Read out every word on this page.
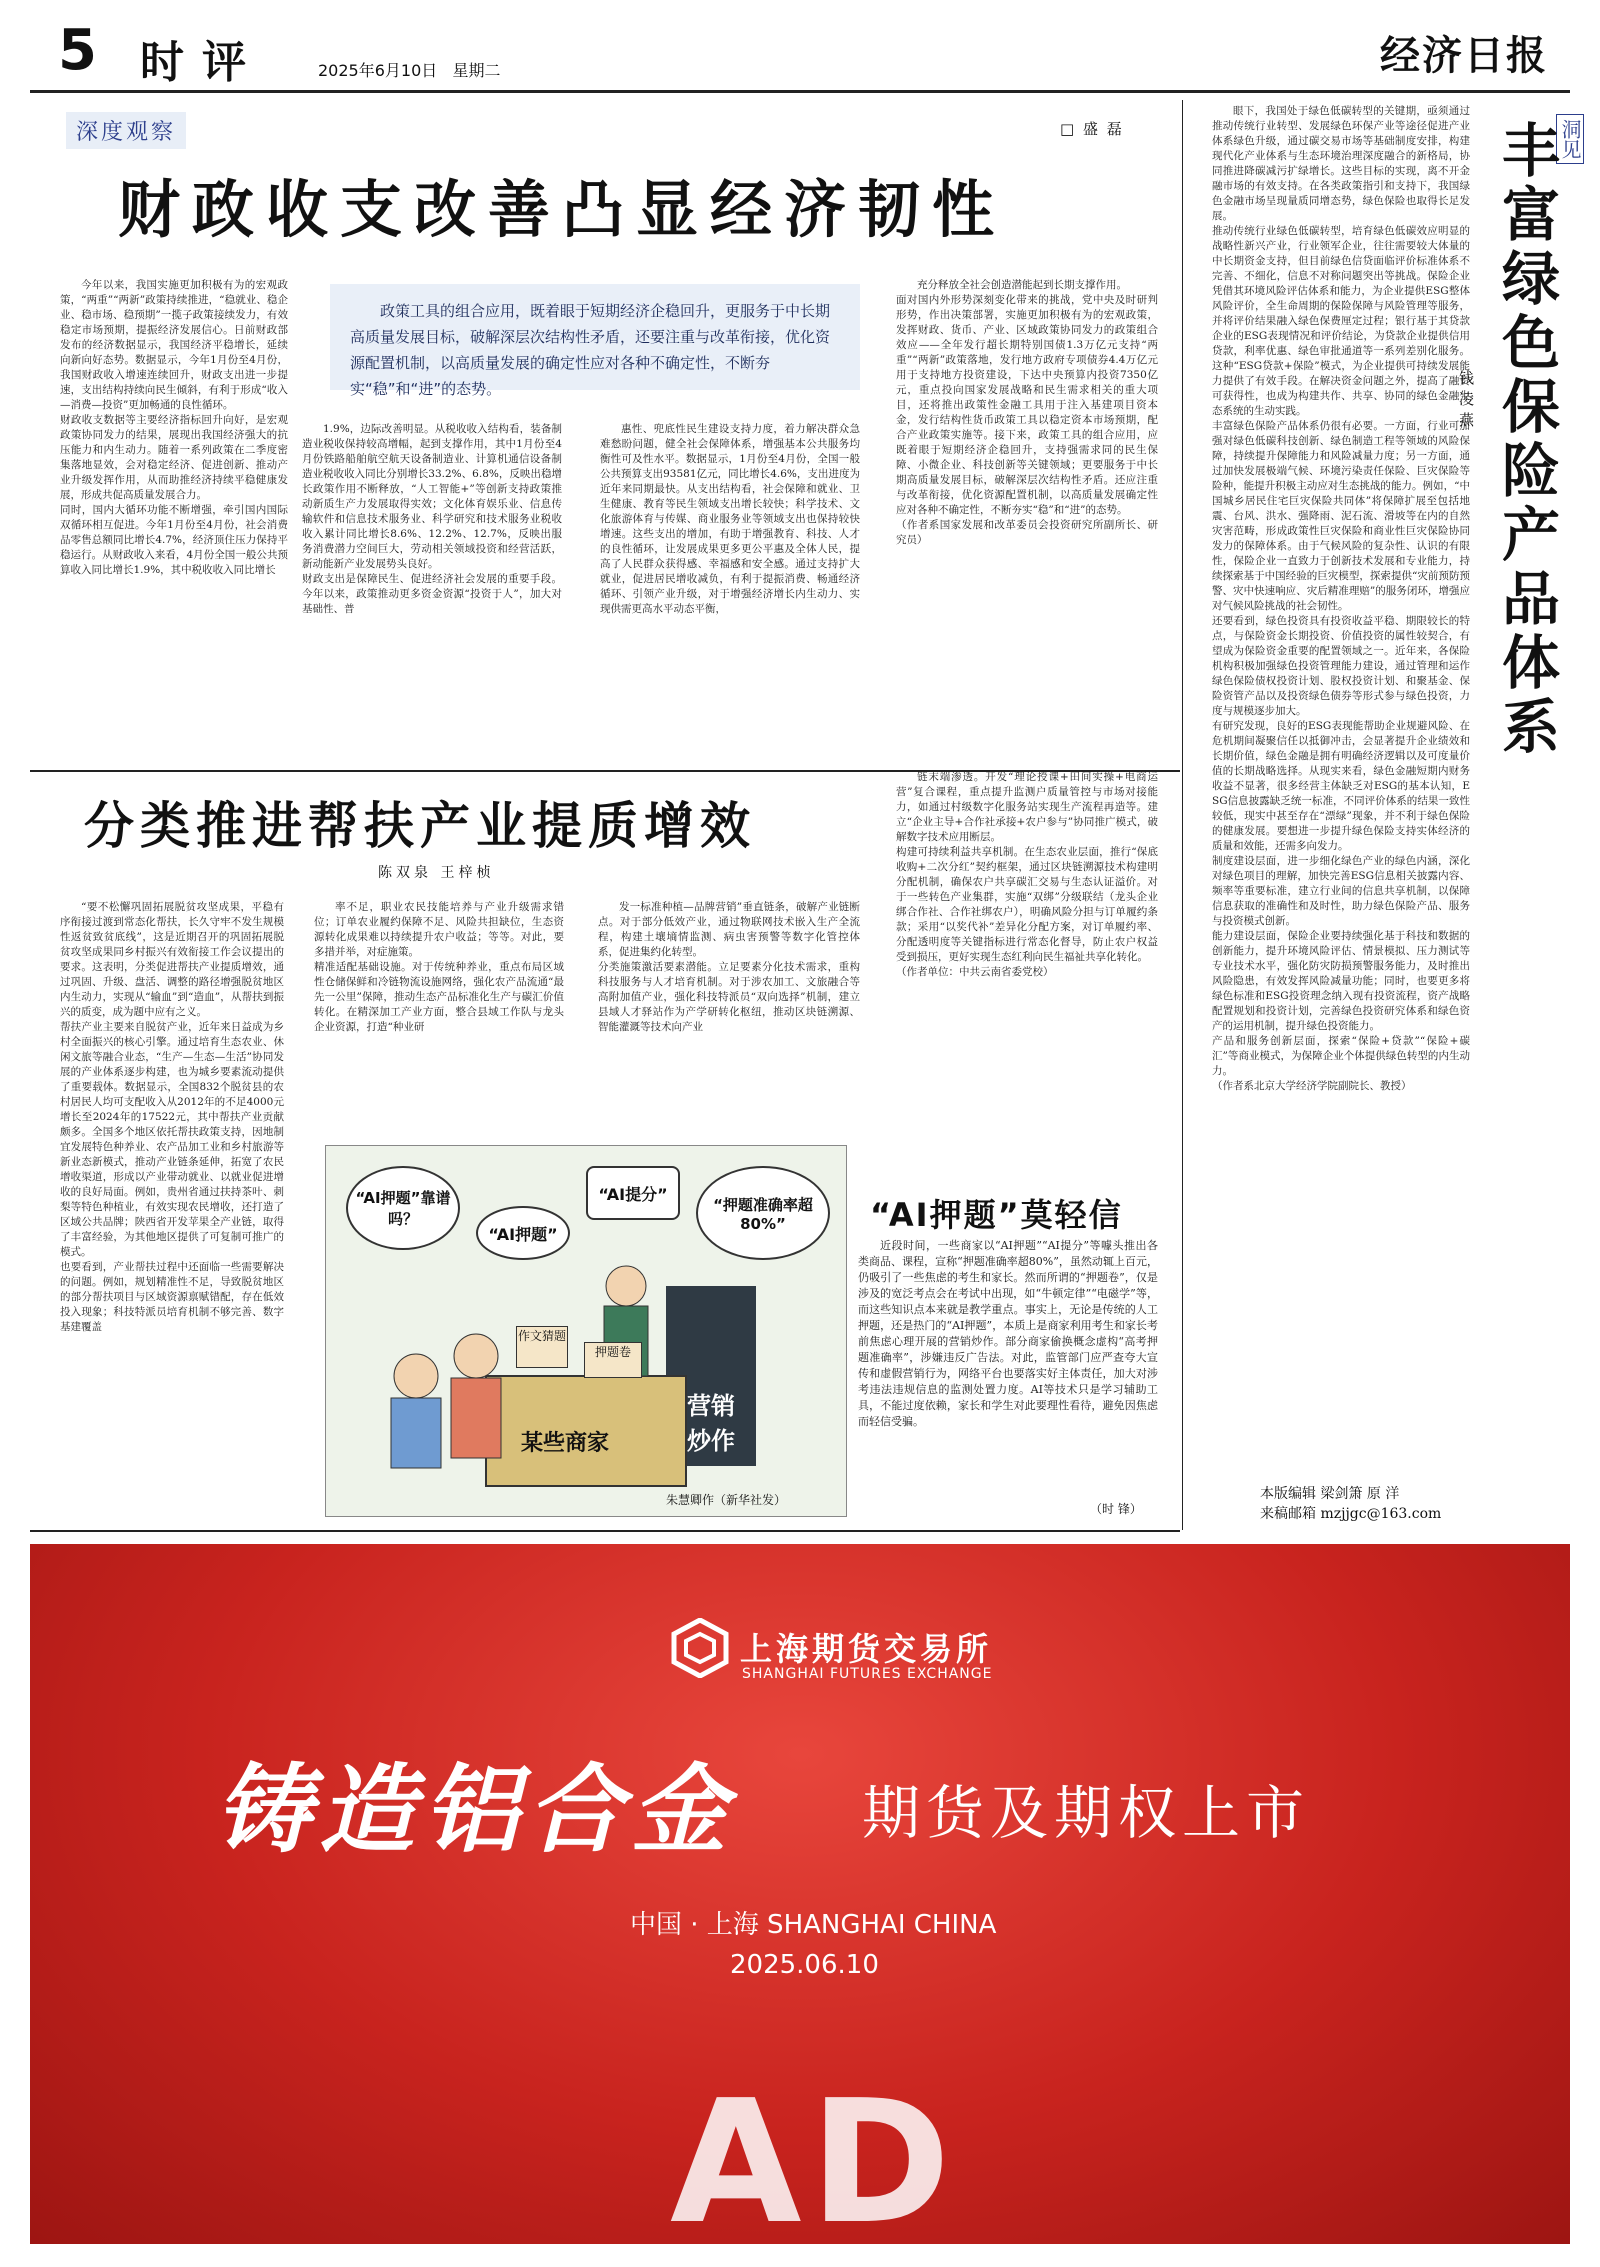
5 时评	2025年6月10日 星期二	经济日报
深度观察	□ 盛 磊
财政收支改善凸显经济韧性
政策工具的组合应用，既着眼于短期经济企稳回升，更服务于中长期高质量发展目标，破解深层次结构性矛盾，还要注重与改革衔接，优化资源配置机制，以高质量发展的确定性应对各种不确定性，不断夯实“稳”和“进”的态势。
今年以来，我国实施更加积极有为的宏观政策，“两重”“两新”政策持续推进，“稳就业、稳企业、稳市场、稳预期”一揽子政策接续发力，有效稳定市场预期，提振经济发展信心。日前财政部发布的经济数据显示，我国经济平稳增长，延续向新向好态势。数据显示，今年1月份至4月份，我国财政收入增速连续回升，财政支出进一步提速，支出结构持续向民生倾斜，有利于形成“收入—消费—投资”更加畅通的良性循环。
财政收支数据等主要经济指标回升向好，是宏观政策协同发力的结果，展现出我国经济强大的抗压能力和内生动力。随着一系列政策在二季度密集落地显效，会对稳定经济、促进创新、推动产业升级发挥作用，从而助推经济持续平稳健康发展，形成共促高质量发展合力。
同时，国内大循环功能不断增强，牵引国内国际双循环相互促进。今年1月份至4月份，社会消费品零售总额同比增长4.7%，经济顶住压力保持平稳运行。从财政收入来看，4月份全国一般公共预算收入同比增长1.9%，其中税收收入同比增长
1.9%，边际改善明显。从税收收入结构看，装备制造业税收保持较高增幅，起到支撑作用，其中1月份至4月份铁路船舶航空航天设备制造业、计算机通信设备制造业税收收入同比分别增长33.2%、6.8%，反映出稳增长政策作用不断释放，“人工智能+”等创新支持政策推动新质生产力发展取得实效；文化体育娱乐业、信息传输软件和信息技术服务业、科学研究和技术服务业税收收入累计同比增长8.6%、12.2%、12.7%，反映出服务消费潜力空间巨大，劳动相关领域投资和经营活跃，新动能新产业发展势头良好。
财政支出是保障民生、促进经济社会发展的重要手段。今年以来，政策推动更多资金资源“投资于人”，加大对基础性、普
惠性、兜底性民生建设支持力度，着力解决群众急难愁盼问题，健全社会保障体系，增强基本公共服务均衡性可及性水平。数据显示，1月份至4月份，全国一般公共预算支出93581亿元，同比增长4.6%，支出进度为近年来同期最快。从支出结构看，社会保障和就业、卫生健康、教育等民生领域支出增长较快；科学技术、文化旅游体育与传媒、商业服务业等领域支出也保持较快增速。这些支出的增加，有助于增强教育、科技、人才的良性循环，让发展成果更多更公平惠及全体人民，提高了人民群众获得感、幸福感和安全感。通过支持扩大就业，促进居民增收减负，有利于提振消费、畅通经济循环、引领产业升级，对于增强经济增长内生动力、实现供需更高水平动态平衡，
充分释放全社会创造潜能起到长期支撑作用。
面对国内外形势深刻变化带来的挑战，党中央及时研判形势，作出决策部署，实施更加积极有为的宏观政策，发挥财政、货币、产业、区域政策协同发力的政策组合效应——全年发行超长期特别国债1.3万亿元支持“两重”“两新”政策落地，发行地方政府专项债券4.4万亿元用于支持地方投资建设，下达中央预算内投资7350亿元，重点投向国家发展战略和民生需求相关的重大项目，还将推出政策性金融工具用于注入基建项目资本金，发行结构性货币政策工具以稳定资本市场预期，配合产业政策实施等。接下来，政策工具的组合应用，应既着眼于短期经济企稳回升，支持强需求同的民生保障、小微企业、科技创新等关键领域；更要服务于中长期高质量发展目标，破解深层次结构性矛盾。还应注重与改革衔接，优化资源配置机制，以高质量发展确定性应对各种不确定性，不断夯实“稳”和“进”的态势。
（作者系国家发展和改革委员会投资研究所副所长、研究员）
分类推进帮扶产业提质增效
陈双泉 王梓桢
“要不松懈巩固拓展脱贫攻坚成果，平稳有序衔接过渡到常态化帮扶，长久守牢不发生规模性返贫致贫底线”，这是近期召开的巩固拓展脱贫攻坚成果同乡村振兴有效衔接工作会议提出的要求。这表明，分类促进帮扶产业提质增效，通过巩固、升级、盘活、调整的路径增强脱贫地区内生动力，实现从“输血”到“造血”，从帮扶到振兴的质变，成为题中应有之义。
帮扶产业主要来自脱贫产业，近年来日益成为乡村全面振兴的核心引擎。通过培育生态农业、休闲文旅等融合业态，“生产—生态—生活”协同发展的产业体系逐步构建，也为城乡要素流动提供了重要载体。数据显示，全国832个脱贫县的农村居民人均可支配收入从2012年的不足4000元增长至2024年的17522元，其中帮扶产业贡献颇多。全国多个地区依托帮扶政策支持，因地制宜发展特色种养业、农产品加工业和乡村旅游等新业态新模式，推动产业链条延伸，拓宽了农民增收渠道，形成以产业带动就业、以就业促进增收的良好局面。例如，贵州省通过扶持茶叶、刺梨等特色种植业，有效实现农民增收，还打造了区域公共品牌；陕西省开发苹果全产业链，取得了丰富经验，为其他地区提供了可复制可推广的模式。
也要看到，产业帮扶过程中还面临一些需要解决的问题。例如，规划精准性不足，导致脱贫地区的部分帮扶项目与区域资源禀赋错配，存在低效投入现象；科技特派员培育机制不够完善、数字基建覆盖
率不足，职业农民技能培养与产业升级需求错位；订单农业履约保障不足、风险共担缺位，生态资源转化成果难以持续提升农户收益；等等。对此，要多措并举，对症施策。
精准适配基础设施。对于传统种养业，重点布局区域性仓储保鲜和冷链物流设施网络，强化农产品流通“最先一公里”保障，推动生态产品标准化生产与碳汇价值转化。在精深加工产业方面，整合县域工作队与龙头企业资源，打造“种业研
发一标准种植—品牌营销”垂直链条，破解产业链断点。对于部分低效产业，通过物联网技术嵌入生产全流程，构建土壤墒情监测、病虫害预警等数字化管控体系，促进集约化转型。
分类施策激活要素潜能。立足要素分化技术需求，重构科技服务与人才培育机制。对于涉农加工、文旅融合等高附加值产业，强化科技特派员“双向选择”机制，建立县域人才驿站作为产学研转化枢纽，推动区块链溯源、智能灌溉等技术向产业
链末端渗透。开发“理论授课+田间实操+电商运营”复合课程，重点提升监测户质量管控与市场对接能力，如通过村级数字化服务站实现生产流程再造等。建立“企业主导+合作社承接+农户参与”协同推广模式，破解数字技术应用断层。
构建可持续利益共享机制。在生态农业层面，推行“保底收购+二次分红”契约框架，通过区块链溯源技术构建明分配机制，确保农户共享碳汇交易与生态认证溢价。对于一些转色产业集群，实施“双绑”分级联结（龙头企业绑合作社、合作社绑农户），明确风险分担与订单履约条款；采用“以奖代补”差异化分配方案，对订单履约率、分配透明度等关键指标进行常态化督导，防止农户权益受到损压，更好实现生态红利向民生福祉共享化转化。
（作者单位：中共云南省委党校）
“AI押题”靠谱吗？
“AI押题”
“AI提分”
“押题准确率超80%”
作文猜题
押题卷
某些商家
营销炒作
朱慧卿作（新华社发）
“AI押题”莫轻信
近段时间，一些商家以“AI押题”“AI提分”等噱头推出各类商品、课程，宣称“押题准确率超80%”，虽然动辄上百元，仍吸引了一些焦虑的考生和家长。然而所谓的“押题卷”，仅是涉及的宽泛考点会在考试中出现，如“牛顿定律”“电磁学”等，而这些知识点本来就是教学重点。事实上，无论是传统的人工押题，还是热门的“AI押题”，本质上是商家利用考生和家长考前焦虑心理开展的营销炒作。部分商家偷换概念虚构“高考押题准确率”，涉嫌违反广告法。对此，监管部门应严查夸大宣传和虚假营销行为，网络平台也要落实好主体责任，加大对涉考违法违规信息的监测处置力度。AI等技术只是学习辅助工具，不能过度依赖，家长和学生对此要理性看待，避免因焦虑而轻信受骗。
（时 锋）
洞见
丰富绿色保险产品体系
钱凌燕
眼下，我国处于绿色低碳转型的关键期，亟须通过推动传统行业转型、发展绿色环保产业等途径促进产业体系绿色升级，通过碳交易市场等基础制度安排，构建现代化产业体系与生态环境治理深度融合的新格局，协同推进降碳减污扩绿增长。这些目标的实现，离不开金融市场的有效支持。在各类政策指引和支持下，我国绿色金融市场呈现量质同增态势，绿色保险也取得长足发展。
推动传统行业绿色低碳转型，培育绿色低碳效应明显的战略性新兴产业，行业领军企业，往往需要较大体量的中长期资金支持，但目前绿色信贷面临评价标准体系不完善、不细化，信息不对称问题突出等挑战。保险企业凭借其环境风险评估体系和能力，为企业提供ESG整体风险评价，全生命周期的保险保障与风险管理等服务，并将评价结果融入绿色保费厘定过程；银行基于其贷款企业的ESG表现情况和评价结论，为贷款企业提供信用贷款，利率优惠、绿色审批通道等一系列差别化服务。这种“ESG贷款+保险”模式，为企业提供可持续发展能力提供了有效手段。在解决资金问题之外，提高了融资可获得性，也成为构建共作、共享、协同的绿色金融生态系统的生动实践。
丰富绿色保险产品体系仍很有必要。一方面，行业可加强对绿色低碳科技创新、绿色制造工程等领域的风险保障，持续提升保障能力和风险减量力度；另一方面，通过加快发展极端气候、环境污染责任保险、巨灾保险等险种，能提升积极主动应对生态挑战的能力。例如，“中国城乡居民住宅巨灾保险共同体”将保障扩展至包括地震、台风、洪水、强降雨、泥石流、滑坡等在内的自然灾害范畴，形成政策性巨灾保险和商业性巨灾保险协同发力的保障体系。由于气候风险的复杂性、认识的有限性，保险企业一直致力于创新技术发展和专业能力，持续探索基于中国经验的巨灾模型，探索提供“灾前预防预警、灾中快速响应、灾后精准理赔”的服务闭环，增强应对气候风险挑战的社会韧性。
还要看到，绿色投资具有投资收益平稳、期限较长的特点，与保险资金长期投资、价值投资的属性较契合，有望成为保险资金重要的配置领域之一。近年来，各保险机构积极加强绿色投资管理能力建设，通过管理和运作绿色保险债权投资计划、股权投资计划、和聚基金、保险资管产品以及投资绿色债券等形式参与绿色投资，力度与规模逐步加大。
有研究发现，良好的ESG表现能帮助企业规避风险、在危机期间凝聚信任以抵御冲击，会显著提升企业绩效和长期价值，绿色金融是拥有明确经济逻辑以及可度量价值的长期战略选择。从现实来看，绿色金融短期内财务收益不显著，很多经营主体缺乏对ESG的基本认知，ESG信息披露缺乏统一标准，不同评价体系的结果一致性较低，现实中甚至存在“漂绿”现象，并不利于绿色保险的健康发展。要想进一步提升绿色保险支持实体经济的质量和效能，还需多向发力。
制度建设层面，进一步细化绿色产业的绿色内涵，深化对绿色项目的理解，加快完善ESG信息相关披露内容、频率等重要标准，建立行业间的信息共享机制，以保障信息获取的准确性和及时性，助力绿色保险产品、服务与投资模式创新。
能力建设层面，保险企业要持续强化基于科技和数据的创新能力，提升环境风险评估、情景模拟、压力测试等专业技术水平，强化防灾防损预警服务能力，及时推出风险隐患，有效发挥风险减量功能；同时，也要更多将绿色标准和ESG投资理念纳入现有投资流程，资产战略配置规划和投资计划，完善绿色投资研究体系和绿色资产的运用机制，提升绿色投资能力。
产品和服务创新层面，探索“保险+贷款”“保险+碳汇”等商业模式，为保障企业个体提供绿色转型的内生动力。
（作者系北京大学经济学院副院长、教授）
本版编辑 梁剑箫 原 洋
来稿邮箱 mzjjgc@163.com
上海期货交易所
SHANGHAI FUTURES EXCHANGE
铸造铝合金 期货及期权上市
中国 · 上海 SHANGHAI CHINA
2025.06.10
AD
